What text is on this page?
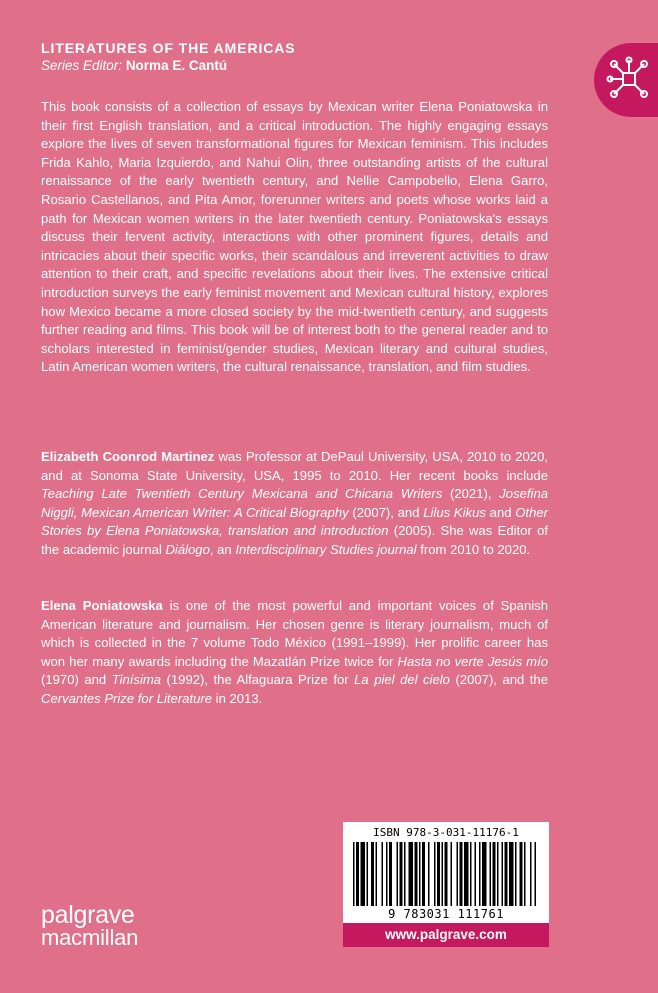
LITERATURES OF THE AMERICAS
Series Editor: Norma E. Cantú
This book consists of a collection of essays by Mexican writer Elena Poniatowska in their first English translation, and a critical introduction. The highly engaging essays explore the lives of seven transformational figures for Mexican feminism. This includes Frida Kahlo, Maria Izquierdo, and Nahui Olin, three outstanding artists of the cultural renaissance of the early twentieth century, and Nellie Campobello, Elena Garro, Rosario Castellanos, and Pita Amor, forerunner writers and poets whose works laid a path for Mexican women writers in the later twentieth century. Poniatowska's essays discuss their fervent activity, interactions with other prominent figures, details and intricacies about their specific works, their scandalous and irreverent activities to draw attention to their craft, and specific revelations about their lives. The extensive critical introduction surveys the early feminist movement and Mexican cultural history, explores how Mexico became a more closed society by the mid-twentieth century, and suggests further reading and films. This book will be of interest both to the general reader and to scholars interested in feminist/gender studies, Mexican literary and cultural studies, Latin American women writers, the cultural renaissance, translation, and film studies.
Elizabeth Coonrod Martinez was Professor at DePaul University, USA, 2010 to 2020, and at Sonoma State University, USA, 1995 to 2010. Her recent books include Teaching Late Twentieth Century Mexicana and Chicana Writers (2021), Josefina Niggli, Mexican American Writer: A Critical Biography (2007), and Lilus Kikus and Other Stories by Elena Poniatowska, translation and introduction (2005). She was Editor of the academic journal Diálogo, an Interdisciplinary Studies journal from 2010 to 2020.
Elena Poniatowska is one of the most powerful and important voices of Spanish American literature and journalism. Her chosen genre is literary journalism, much of which is collected in the 7 volume Todo México (1991–1999). Her prolific career has won her many awards including the Mazatlán Prize twice for Hasta no verte Jesús mío (1970) and Tinísima (1992), the Alfaguara Prize for La piel del cielo (2007), and the Cervantes Prize for Literature in 2013.
palgrave
macmillan
ISBN 978-3-031-11176-1
9 783031 111761
www.palgrave.com
